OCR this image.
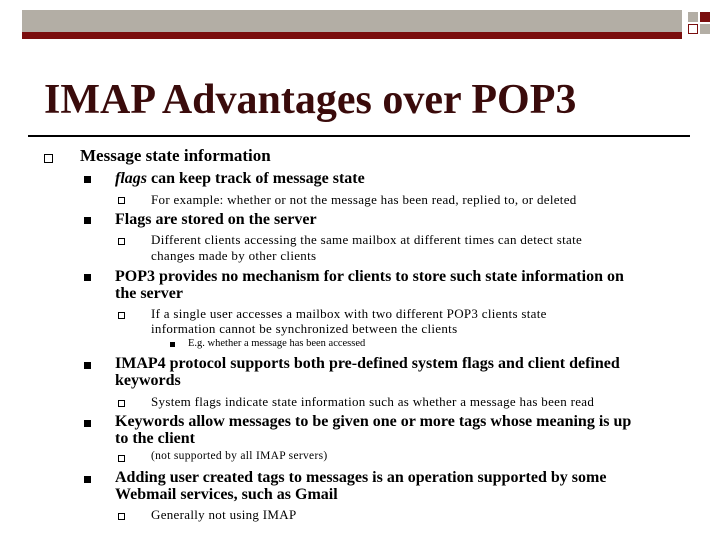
IMAP Advantages over POP3
Message state information
flags can keep track of message state
For example: whether or not the message has been read, replied to, or deleted
Flags are stored on the server
Different clients accessing the same mailbox at different times can detect state
changes made by other clients
POP3 provides no mechanism for clients to store such state information on
the server
If a single user accesses a mailbox with two different POP3 clients state
information cannot be synchronized between the clients
E.g. whether a message has been accessed
IMAP4 protocol supports both pre-defined system flags and client defined
keywords
System flags indicate state information such as whether a message has been read
Keywords allow messages to be given one or more tags whose meaning is up
to the client
(not supported by all IMAP servers)
Adding user created tags to messages is an operation supported by some
Webmail services, such as Gmail
Generally not using IMAP
